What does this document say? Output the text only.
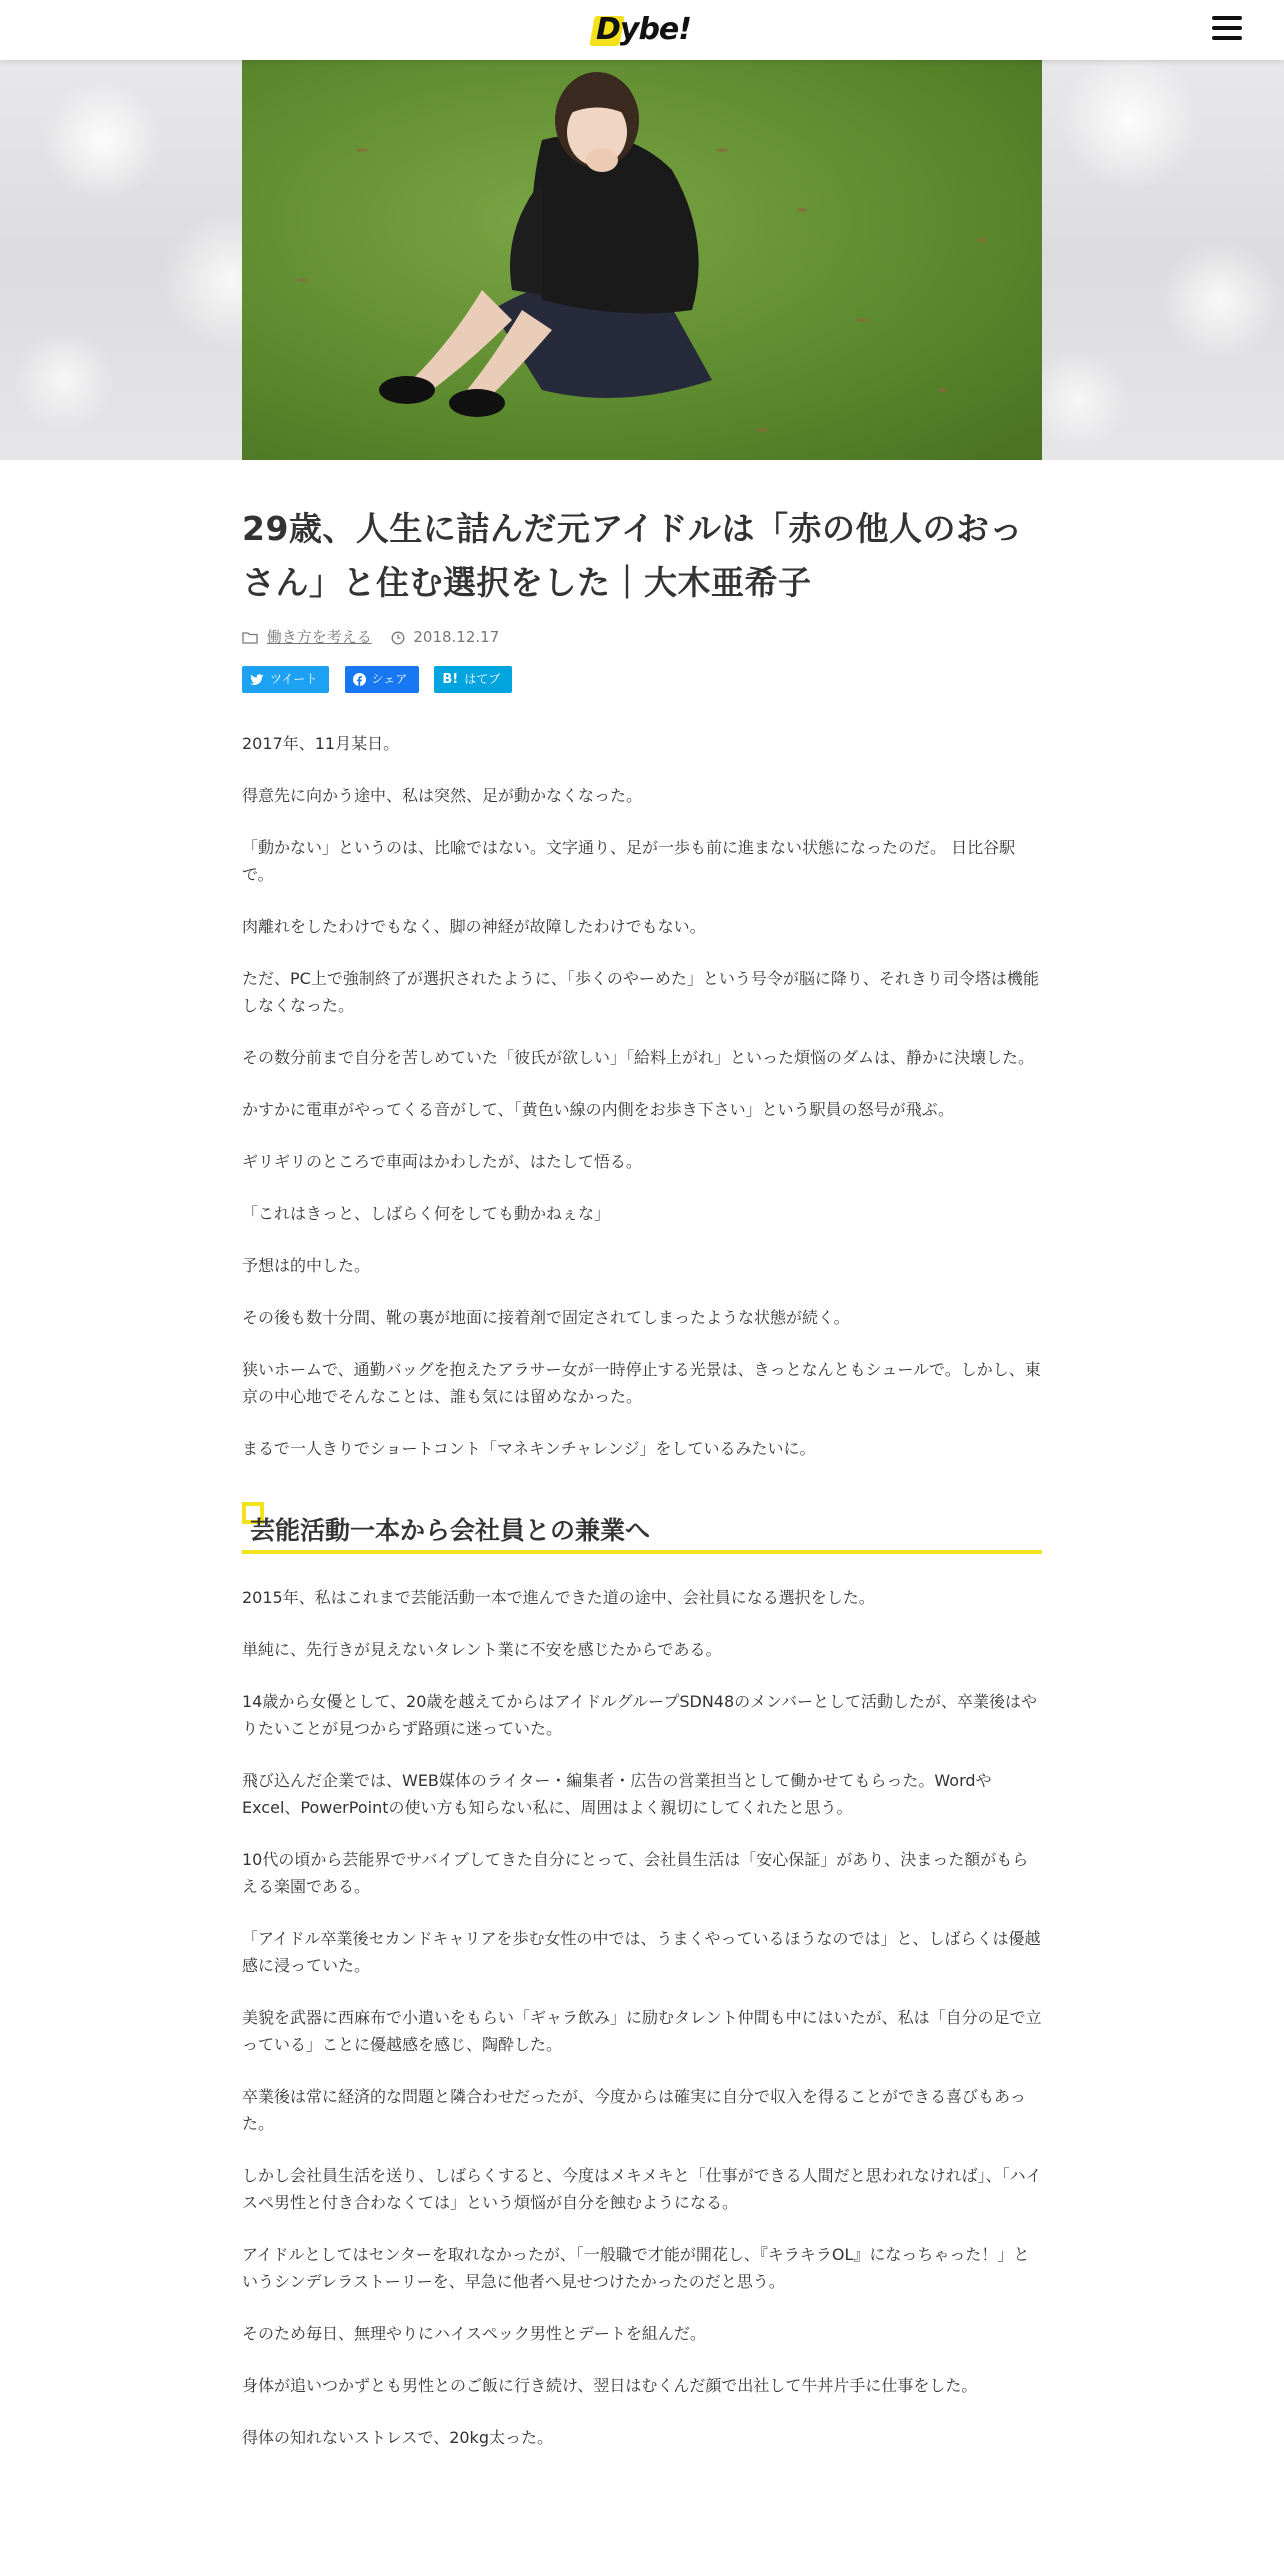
Dybe!
29歳、人生に詰んだ元アイドルは「赤の他人のおっさん」と住む選択をした｜大木亜希子
働き方を考える	2018.12.17
ツイート	シェア	B! はてブ

2017年、11月某日。

得意先に向かう途中、私は突然、足が動かなくなった。

「動かない」というのは、比喩ではない。文字通り、足が一歩も前に進まない状態になったのだ。 日比谷駅で。

肉離れをしたわけでもなく、脚の神経が故障したわけでもない。

ただ、PC上で強制終了が選択されたように、「歩くのやーめた」という号令が脳に降り、それきり司令塔は機能しなくなった。

その数分前まで自分を苦しめていた「彼氏が欲しい」「給料上がれ」といった煩悩のダムは、静かに決壊した。

かすかに電車がやってくる音がして、「黄色い線の内側をお歩き下さい」という駅員の怒号が飛ぶ。

ギリギリのところで車両はかわしたが、はたして悟る。

「これはきっと、しばらく何をしても動かねぇな」

予想は的中した。

その後も数十分間、靴の裏が地面に接着剤で固定されてしまったような状態が続く。

狭いホームで、通勤バッグを抱えたアラサー女が一時停止する光景は、きっとなんともシュールで。しかし、東京の中心地でそんなことは、誰も気には留めなかった。

まるで一人きりでショートコント「マネキンチャレンジ」をしているみたいに。

芸能活動一本から会社員との兼業へ

2015年、私はこれまで芸能活動一本で進んできた道の途中、会社員になる選択をした。

単純に、先行きが見えないタレント業に不安を感じたからである。

14歳から女優として、20歳を越えてからはアイドルグループSDN48のメンバーとして活動したが、卒業後はやりたいことが見つからず路頭に迷っていた。

飛び込んだ企業では、WEB媒体のライター・編集者・広告の営業担当として働かせてもらった。WordやExcel、PowerPointの使い方も知らない私に、周囲はよく親切にしてくれたと思う。

10代の頃から芸能界でサバイブしてきた自分にとって、会社員生活は「安心保証」があり、決まった額がもらえる楽園である。

「アイドル卒業後セカンドキャリアを歩む女性の中では、うまくやっているほうなのでは」と、しばらくは優越感に浸っていた。

美貌を武器に西麻布で小遣いをもらい「ギャラ飲み」に励むタレント仲間も中にはいたが、私は「自分の足で立っている」ことに優越感を感じ、陶酔した。

卒業後は常に経済的な問題と隣合わせだったが、今度からは確実に自分で収入を得ることができる喜びもあった。

しかし会社員生活を送り、しばらくすると、今度はメキメキと「仕事ができる人間だと思われなければ」、「ハイスペ男性と付き合わなくては」という煩悩が自分を蝕むようになる。

アイドルとしてはセンターを取れなかったが、「一般職で才能が開花し、『キラキラOL』になっちゃった！」というシンデレラストーリーを、早急に他者へ見せつけたかったのだと思う。

そのため毎日、無理やりにハイスペック男性とデートを組んだ。

身体が追いつかずとも男性とのご飯に行き続け、翌日はむくんだ顔で出社して牛丼片手に仕事をした。

得体の知れないストレスで、20kg太った。
